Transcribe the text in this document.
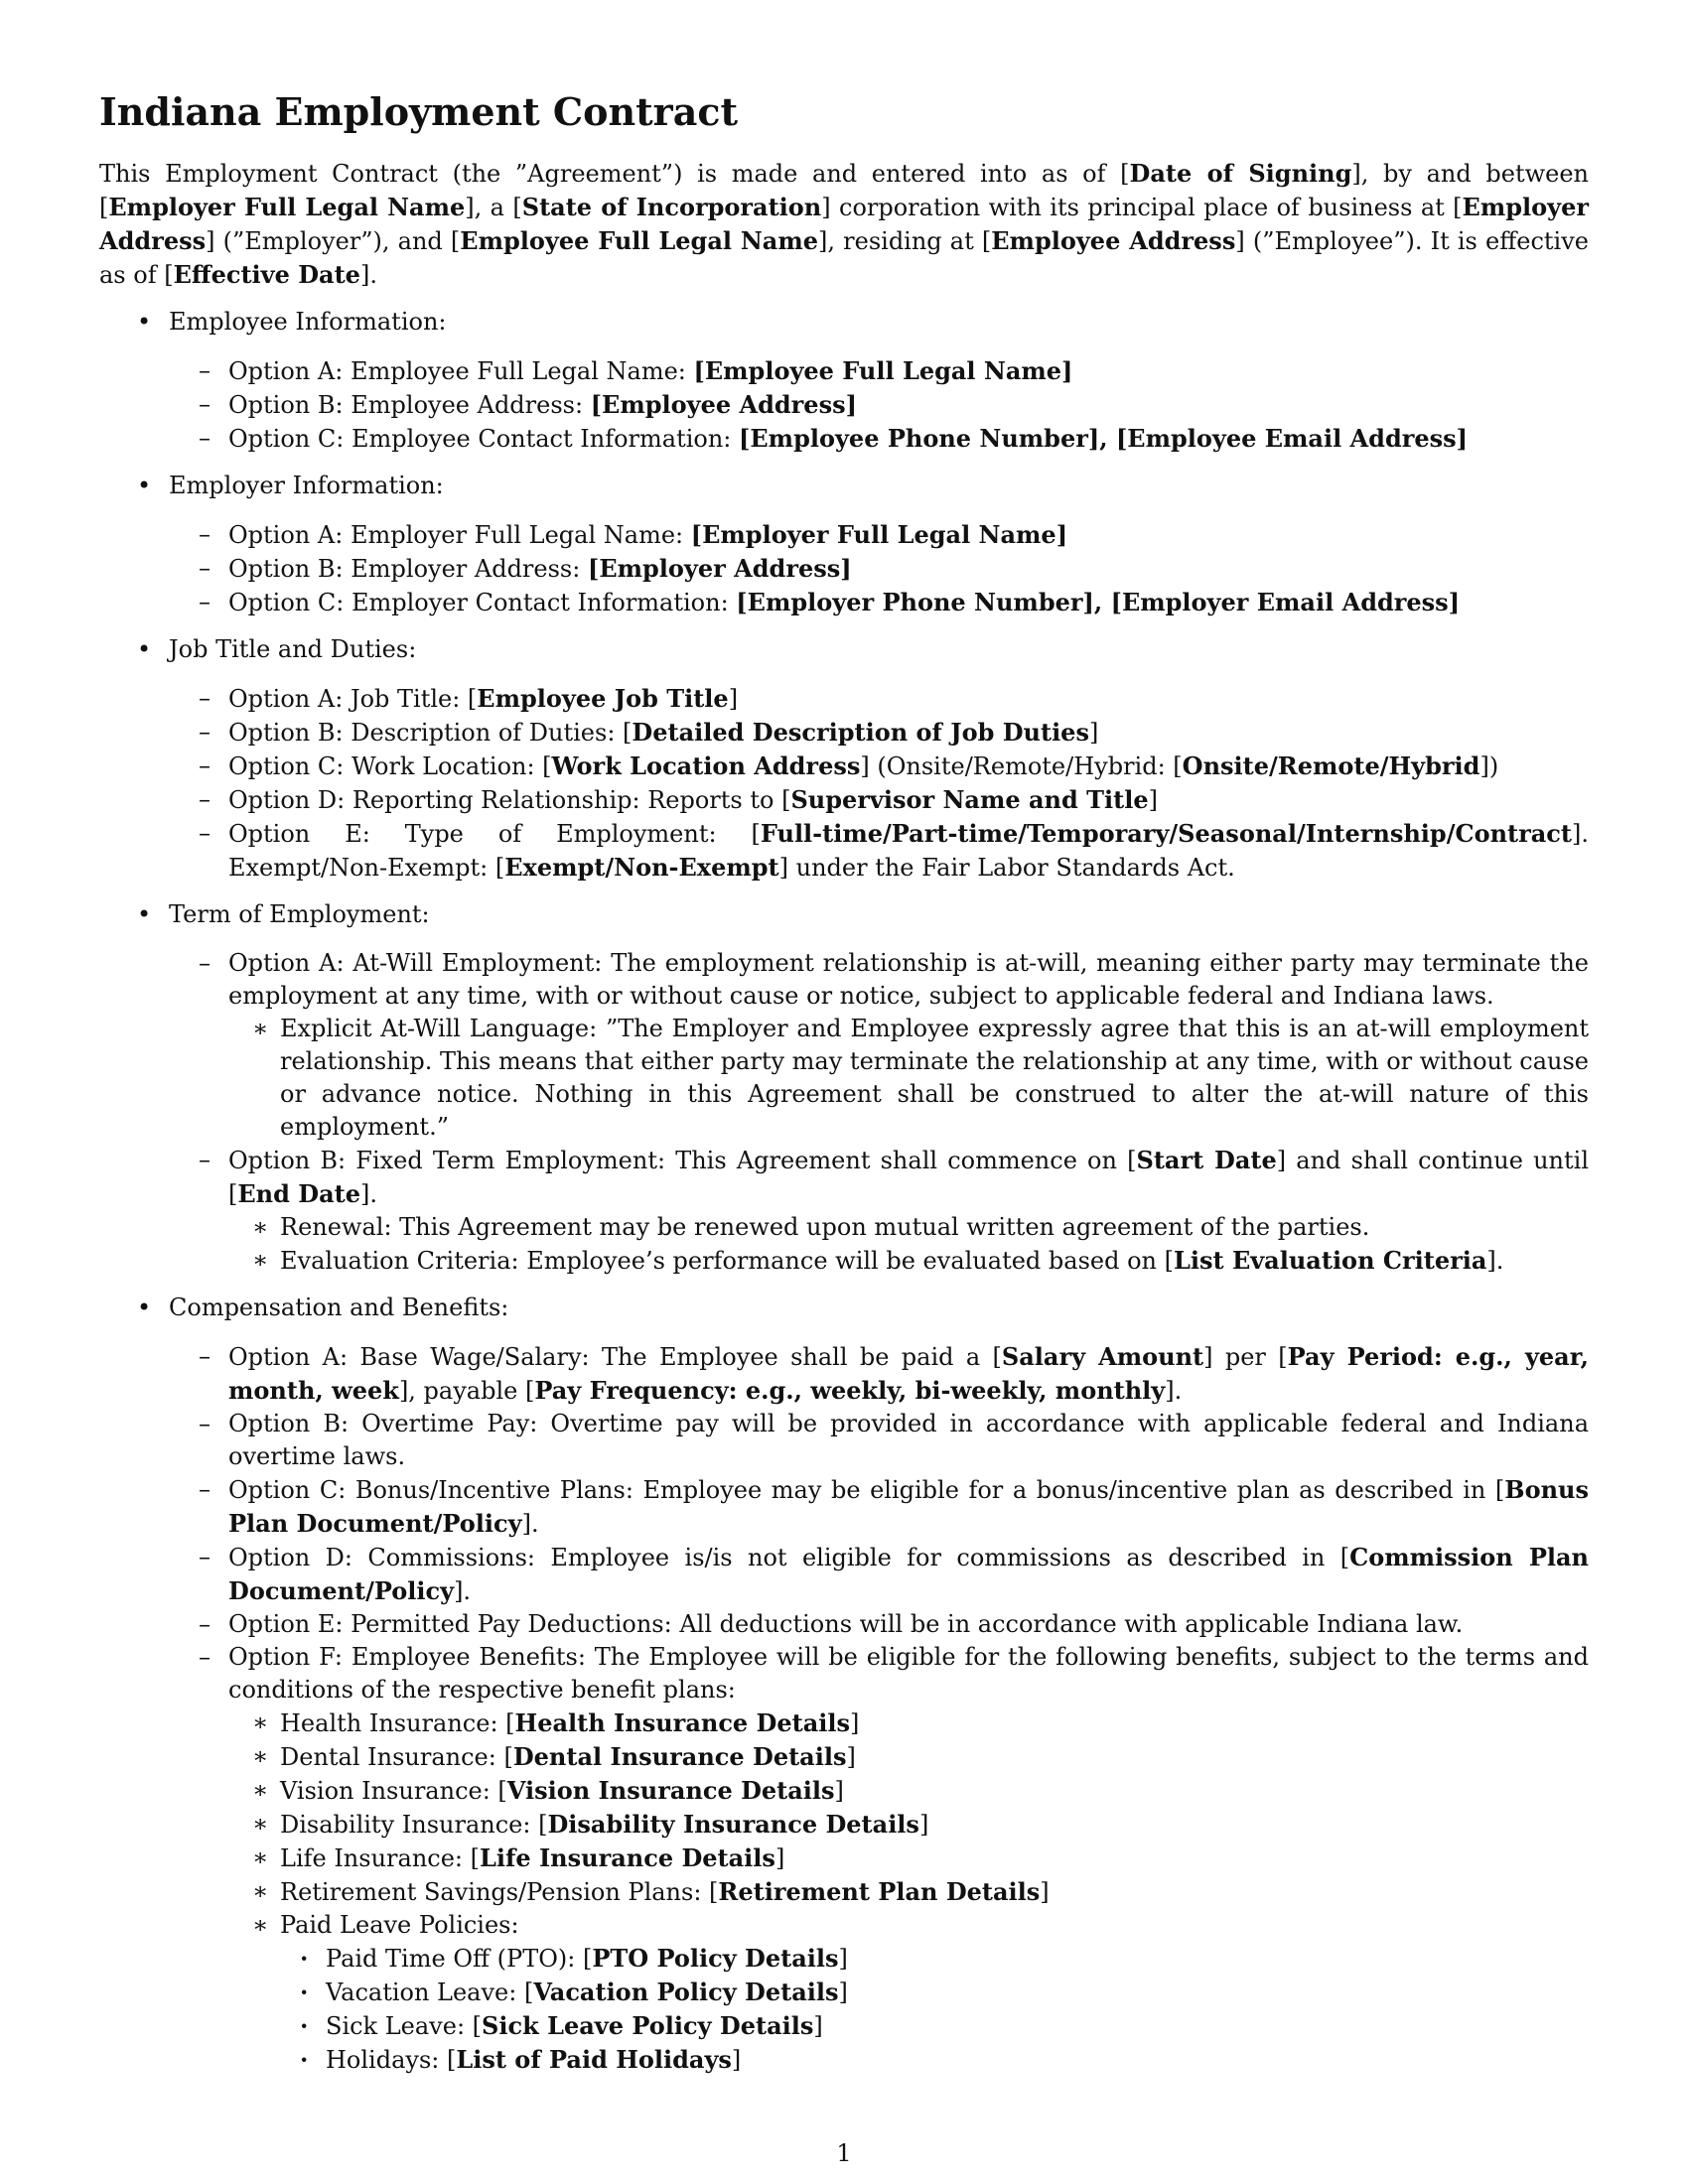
Indiana Employment Contract

This Employment Contract (the ”Agreement”) is made and entered into as of [Date of Signing], by and between [Employer Full Legal Name], a [State of Incorporation] corporation with its principal place of business at [Employer Address] (”Employer”), and [Employee Full Legal Name], residing at [Employee Address] (”Employee”). It is effective as of [Effective Date].

• Employee Information:
– Option A: Employee Full Legal Name: [Employee Full Legal Name]
– Option B: Employee Address: [Employee Address]
– Option C: Employee Contact Information: [Employee Phone Number], [Employee Email Address]
• Employer Information:
– Option A: Employer Full Legal Name: [Employer Full Legal Name]
– Option B: Employer Address: [Employer Address]
– Option C: Employer Contact Information: [Employer Phone Number], [Employer Email Address]
• Job Title and Duties:
– Option A: Job Title: [Employee Job Title]
– Option B: Description of Duties: [Detailed Description of Job Duties]
– Option C: Work Location: [Work Location Address] (Onsite/Remote/Hybrid: [Onsite/Remote/Hybrid])
– Option D: Reporting Relationship: Reports to [Supervisor Name and Title]
– Option E: Type of Employment: [Full-time/Part-time/Temporary/Seasonal/Internship/Contract]. Exempt/Non-Exempt: [Exempt/Non-Exempt] under the Fair Labor Standards Act.
• Term of Employment:
– Option A: At-Will Employment: The employment relationship is at-will, meaning either party may terminate the employment at any time, with or without cause or notice, subject to applicable federal and Indiana laws.
∗ Explicit At-Will Language: ”The Employer and Employee expressly agree that this is an at-will employment relationship. This means that either party may terminate the relationship at any time, with or without cause or advance notice. Nothing in this Agreement shall be construed to alter the at-will nature of this employment.”
– Option B: Fixed Term Employment: This Agreement shall commence on [Start Date] and shall continue until [End Date].
∗ Renewal: This Agreement may be renewed upon mutual written agreement of the parties.
∗ Evaluation Criteria: Employee’s performance will be evaluated based on [List Evaluation Criteria].
• Compensation and Benefits:
– Option A: Base Wage/Salary: The Employee shall be paid a [Salary Amount] per [Pay Period: e.g., year, month, week], payable [Pay Frequency: e.g., weekly, bi-weekly, monthly].
– Option B: Overtime Pay: Overtime pay will be provided in accordance with applicable federal and Indiana overtime laws.
– Option C: Bonus/Incentive Plans: Employee may be eligible for a bonus/incentive plan as described in [Bonus Plan Document/Policy].
– Option D: Commissions: Employee is/is not eligible for commissions as described in [Commission Plan Document/Policy].
– Option E: Permitted Pay Deductions: All deductions will be in accordance with applicable Indiana law.
– Option F: Employee Benefits: The Employee will be eligible for the following benefits, subject to the terms and conditions of the respective benefit plans:
∗ Health Insurance: [Health Insurance Details]
∗ Dental Insurance: [Dental Insurance Details]
∗ Vision Insurance: [Vision Insurance Details]
∗ Disability Insurance: [Disability Insurance Details]
∗ Life Insurance: [Life Insurance Details]
∗ Retirement Savings/Pension Plans: [Retirement Plan Details]
∗ Paid Leave Policies:
· Paid Time Off (PTO): [PTO Policy Details]
· Vacation Leave: [Vacation Policy Details]
· Sick Leave: [Sick Leave Policy Details]
· Holidays: [List of Paid Holidays]
1
